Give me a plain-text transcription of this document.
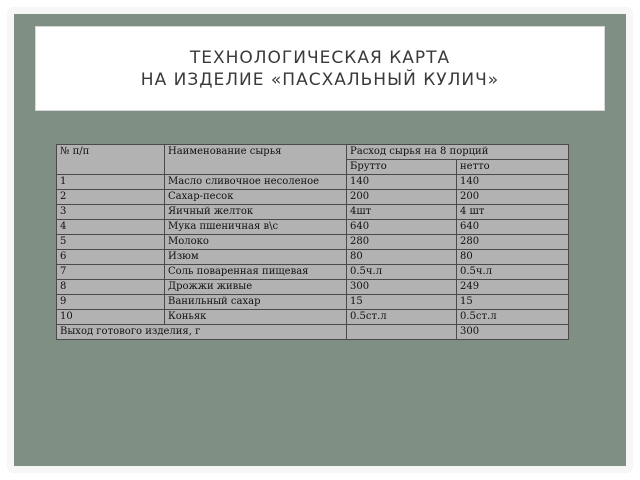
ТЕХНОЛОГИЧЕСКАЯ КАРТА
НА ИЗДЕЛИЕ «ПАСХАЛЬНЫЙ КУЛИЧ»
№ п/п	Наименование сырья	Расход сырья на 8 порций	
		Брутто	нетто
1	Масло сливочное несоленое	140	140
2	Сахар-песок	200	200
3	Яичный желток	4шт	4 шт
4	Мука пшеничная в\с	640	640
5	Молоко	280	280
6	Изюм	80	80
7	Соль поваренная пищевая	0.5ч.л	0.5ч.л
8	Дрожжи живые	300	249
9	Ванильный сахар	15	15
10	Коньяк	0.5ст.л	0.5ст.л
Выход готового изделия, г			300
